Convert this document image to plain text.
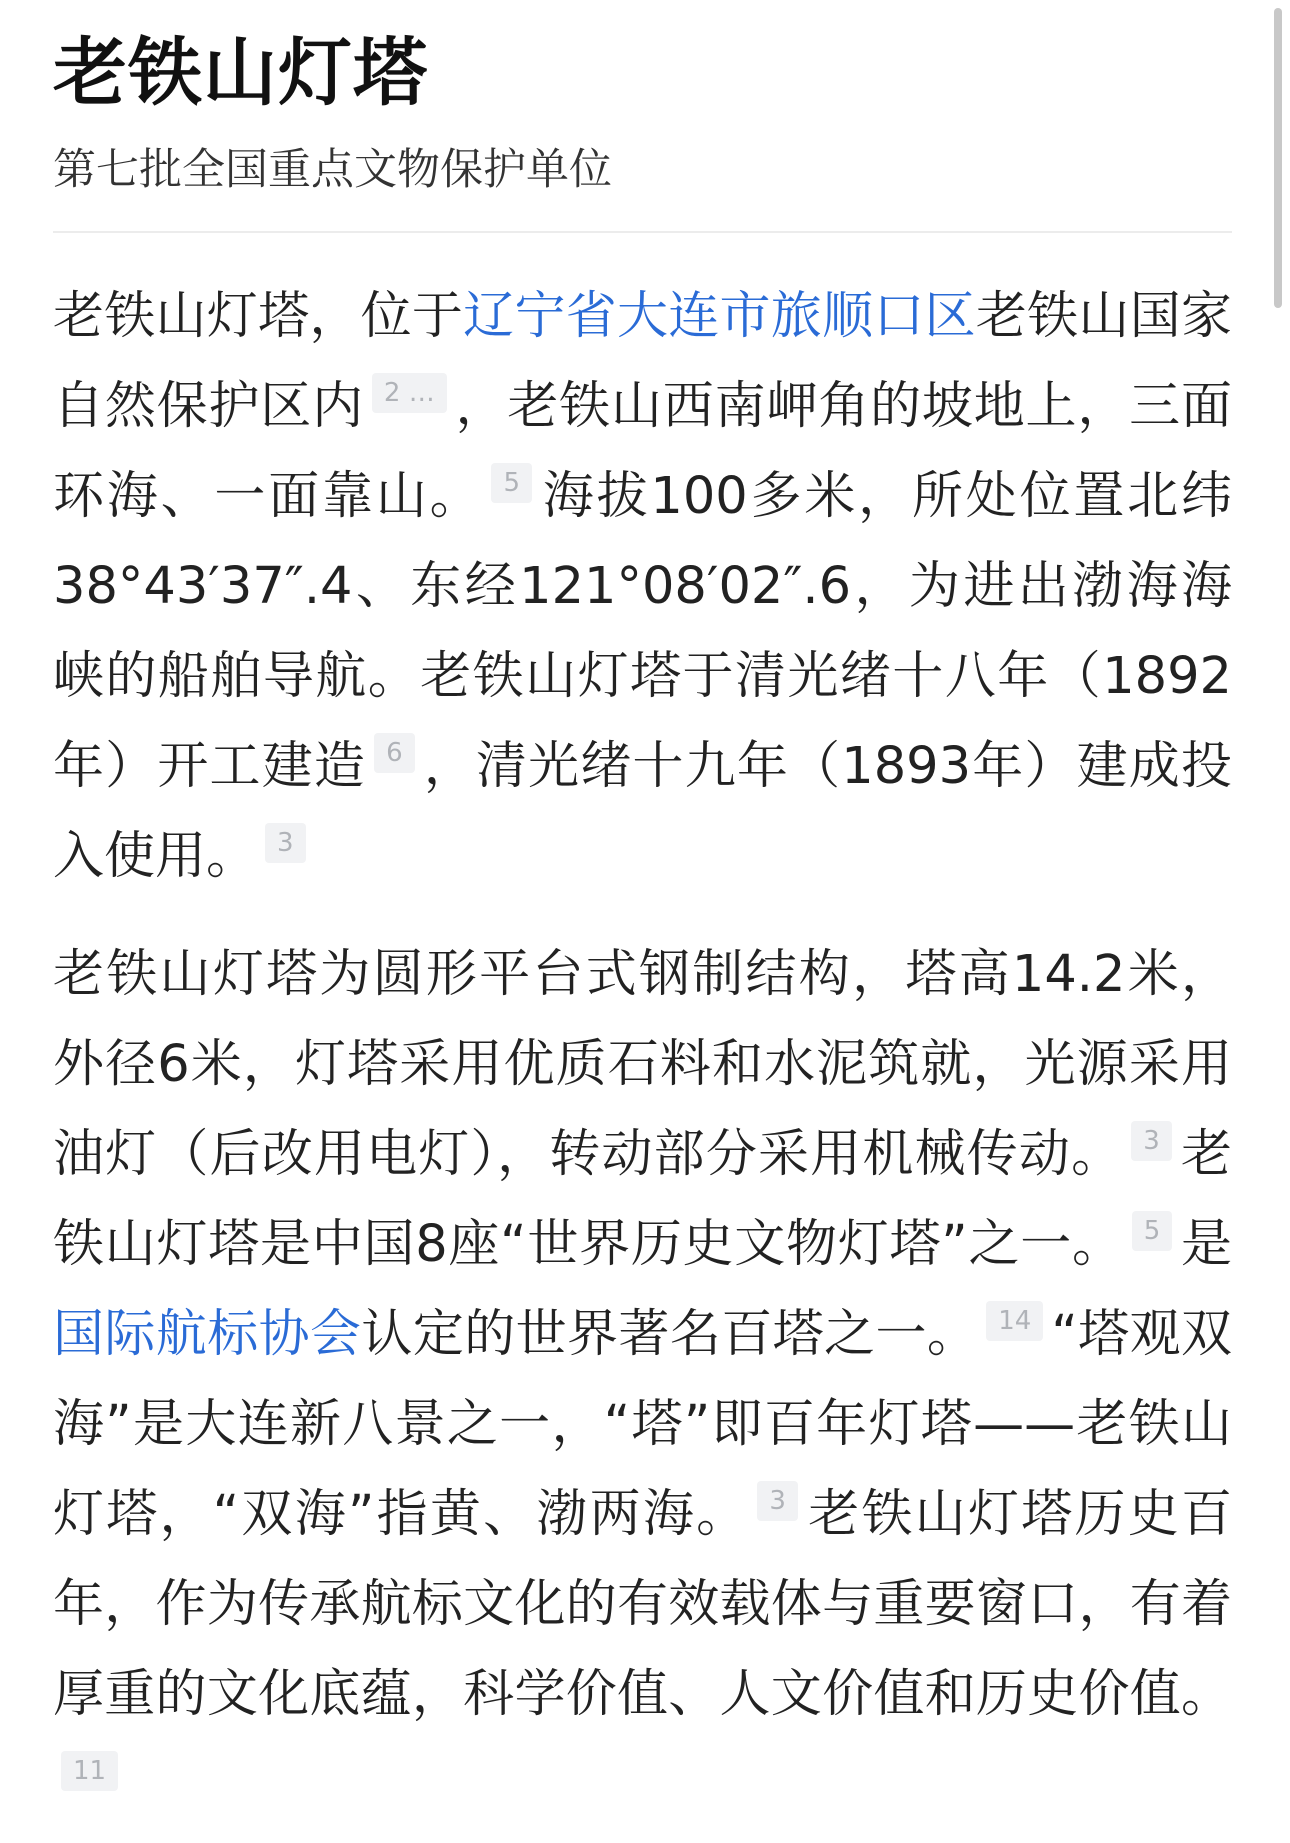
老铁山灯塔
第七批全国重点文物保护单位
老铁山灯塔，位于辽宁省大连市旅顺口区老铁山国家自然保护区内 2 … ，老铁山西南岬角的坡地上，三面环海、一面靠山。 5 海拔100多米，所处位置北纬38°43′37″.4、东经121°08′02″.6，为进出渤海海峡的船舶导航。老铁山灯塔于清光绪十八年（1892年）开工建造 6 ，清光绪十九年（1893年）建成投入使用。 3
老铁山灯塔为圆形平台式钢制结构，塔高14.2米，外径6米，灯塔采用优质石料和水泥筑就，光源采用油灯（后改用电灯），转动部分采用机械传动。 3 老铁山灯塔是中国8座“世界历史文物灯塔”之一。 5 是国际航标协会认定的世界著名百塔之一。 14 “塔观双海”是大连新八景之一，“塔”即百年灯塔——老铁山灯塔，“双海”指黄、渤两海。 3 老铁山灯塔历史百年，作为传承航标文化的有效载体与重要窗口，有着厚重的文化底蕴，科学价值、人文价值和历史价值。11
